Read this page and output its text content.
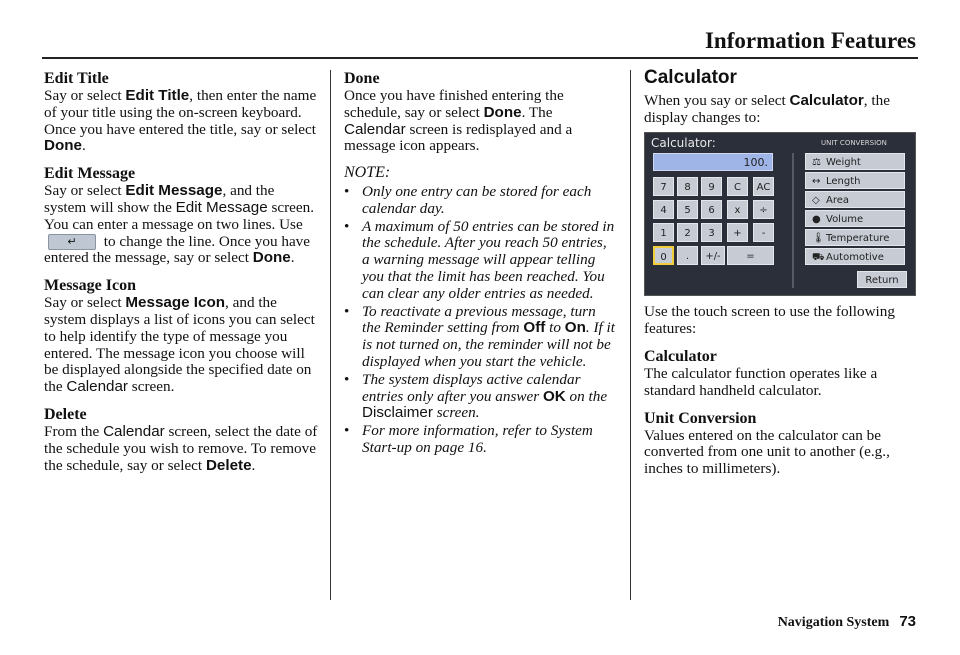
Information Features
Edit Title

Say or select Edit Title, then enter the name of your title using the on-screen keyboard. Once you have entered the title, say or select Done.

Edit Message

Say or select Edit Message, and the system will show the Edit Message screen. You can enter a message on two lines. Use ↵ to change the line. Once you have entered the message, say or select Done.

Message Icon

Say or select Message Icon, and the system displays a list of icons you can select to help identify the type of message you entered. The message icon you choose will be displayed alongside the specified date on the Calendar screen.

Delete

From the Calendar screen, select the date of the schedule you wish to remove. To remove the schedule, say or select Delete.

Done

Once you have finished entering the schedule, say or select Done. The Calendar screen is redisplayed and a message icon appears.

NOTE:
• Only one entry can be stored for each calendar day.
• A maximum of 50 entries can be stored in the schedule. After you reach 50 entries, a warning message will appear telling you that the limit has been reached. You can clear any older entries as needed.
• To reactivate a previous message, turn the Reminder setting from Off to On. If it is not turned on, the reminder will not be displayed when you start the vehicle.
• The system displays active calendar entries only after you answer OK on the Disclaimer screen.
• For more information, refer to System Start-up on page 16.
Calculator

When you say or select Calculator, the display changes to:

Use the touch screen to use the following features:

Calculator

The calculator function operates like a standard handheld calculator.

Unit Conversion

Values entered on the calculator can be converted from one unit to another (e.g., inches to millimeters).

Calculator:	UNIT CONVERSION
100.
7	8	9	C	AC
4	5	6	x	÷
1	2	3	+	-
0	.	+/-	=
⚖ Weight
↔ Length
◇ Area
● Volume
🌡Temperature
⛟Automotive
Return
Navigation System 73
